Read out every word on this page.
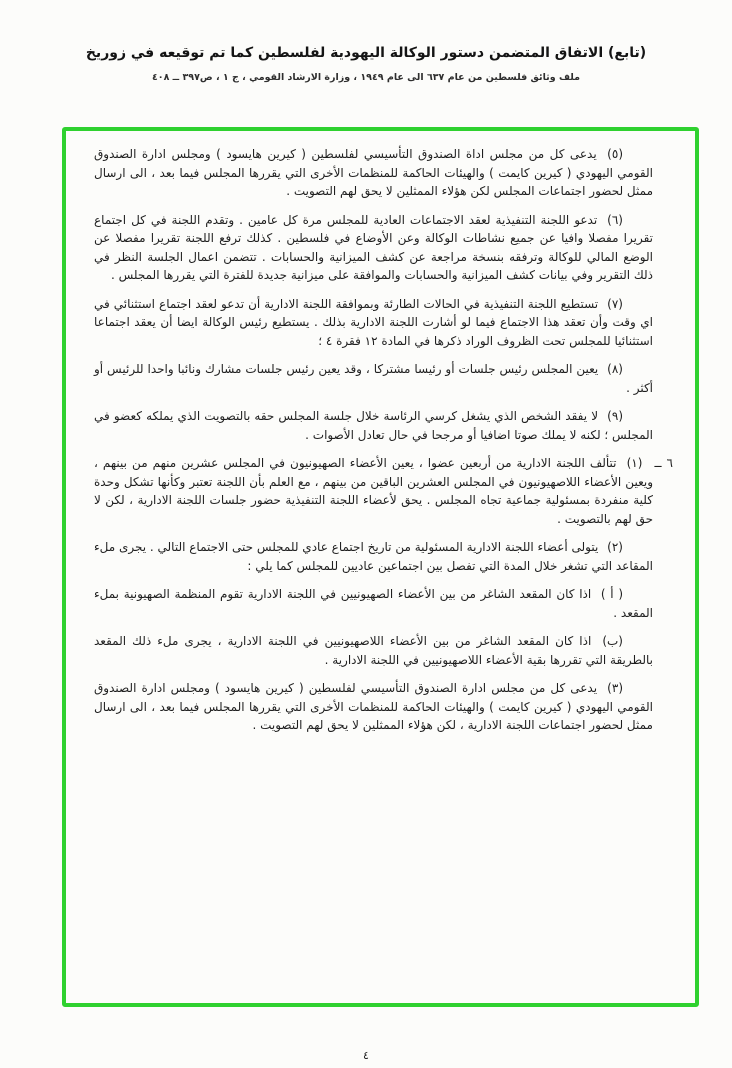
(تابع) الاتفاق المتضمن دستور الوكالة اليهودية لفلسطين كما تم توقيعه في زوريخ
ملف وثائق فلسطين من عام ٦٣٧ الى عام ١٩٤٩ ، وزارة الارشاد القومي ، ج ١ ، ص٣٩٧ ــ ٤٠٨

(٥) يدعى كل من مجلس اداة الصندوق التأسيسي لفلسطين ( كيرين هايسود ) ومجلس ادارة الصندوق القومي اليهودي ( كيرين كايمت ) والهيئات الحاكمة للمنظمات الأخرى التي يقررها المجلس فيما بعد ، الى ارسال ممثل لحضور اجتماعات المجلس لكن هؤلاء الممثلين لا يحق لهم التصويت .

(٦) تدعو اللجنة التنفيذية لعقد الاجتماعات العادية للمجلس مرة كل عامين . وتقدم اللجنة في كل اجتماع تقريرا مفصلا وافيا عن جميع نشاطات الوكالة وعن الأوضاع في فلسطين . كذلك ترفع اللجنة تقريرا مفصلا عن الوضع المالي للوكالة وترفقه بنسخة مراجعة عن كشف الميزانية والحسابات . تتضمن اعمال الجلسة النظر في ذلك التقرير وفي بيانات كشف الميزانية والحسابات والموافقة على ميزانية جديدة للفترة التي يقررها المجلس .

(٧) تستطيع اللجنة التنفيذية في الحالات الطارئة وبموافقة اللجنة الادارية أن تدعو لعقد اجتماع استثنائي في اي وقت وأن تعقد هذا الاجتماع فيما لو أشارت اللجنة الادارية بذلك . يستطيع رئيس الوكالة ايضا أن يعقد اجتماعا استثنائيا للمجلس تحت الظروف الوراد ذكرها في المادة ١٢ فقرة ٤ ؛

(٨) يعين المجلس رئيس جلسات أو رئيسا مشتركا ، وقد يعين رئيس جلسات مشارك ونائبا واحدا للرئيس أو أكثر .

(٩) لا يفقد الشخص الذي يشغل كرسي الرئاسة خلال جلسة المجلس حقه بالتصويت الذي يملكه كعضو في المجلس ؛ لكنه لا يملك صوتا اضافيا أو مرجحا في حال تعادل الأصوات .

٦ ــ (١) تتألف اللجنة الادارية من أربعين عضوا ، يعين الأعضاء الصهيونيون في المجلس عشرين منهم من بينهم ، ويعين الأعضاء اللاصهيونيون في المجلس العشرين الباقين من بينهم ، مع العلم بأن اللجنة تعتبر وكأنها تشكل وحدة كلية منفردة بمسئولية جماعية تجاه المجلس . يحق لأعضاء اللجنة التنفيذية حضور جلسات اللجنة الادارية ، لكن لا حق لهم بالتصويت .

(٢) يتولى أعضاء اللجنة الادارية المسئولية من تاريخ اجتماع عادي للمجلس حتى الاجتماع التالي . يجرى ملء المقاعد التي تشغر خلال المدة التي تفصل بين اجتماعين عاديين للمجلس كما يلي :

( أ ) اذا كان المقعد الشاغر من بين الأعضاء الصهيونيين في اللجنة الادارية تقوم المنظمة الصهيونية بملء المقعد .

(ب) اذا كان المقعد الشاغر من بين الأعضاء اللاصهيونيين في اللجنة الادارية ، يجرى ملء ذلك المقعد بالطريقة التي تقررها بقية الأعضاء اللاصهيونيين في اللجنة الادارية .

(٣) يدعى كل من مجلس ادارة الصندوق التأسيسي لفلسطين ( كيرين هايسود ) ومجلس ادارة الصندوق القومي اليهودي ( كيرين كايمت ) والهيئات الحاكمة للمنظمات الأخرى التي يقررها المجلس فيما بعد ، الى ارسال ممثل لحضور اجتماعات اللجنة الادارية ، لكن هؤلاء الممثلين لا يحق لهم التصويت .

٤
